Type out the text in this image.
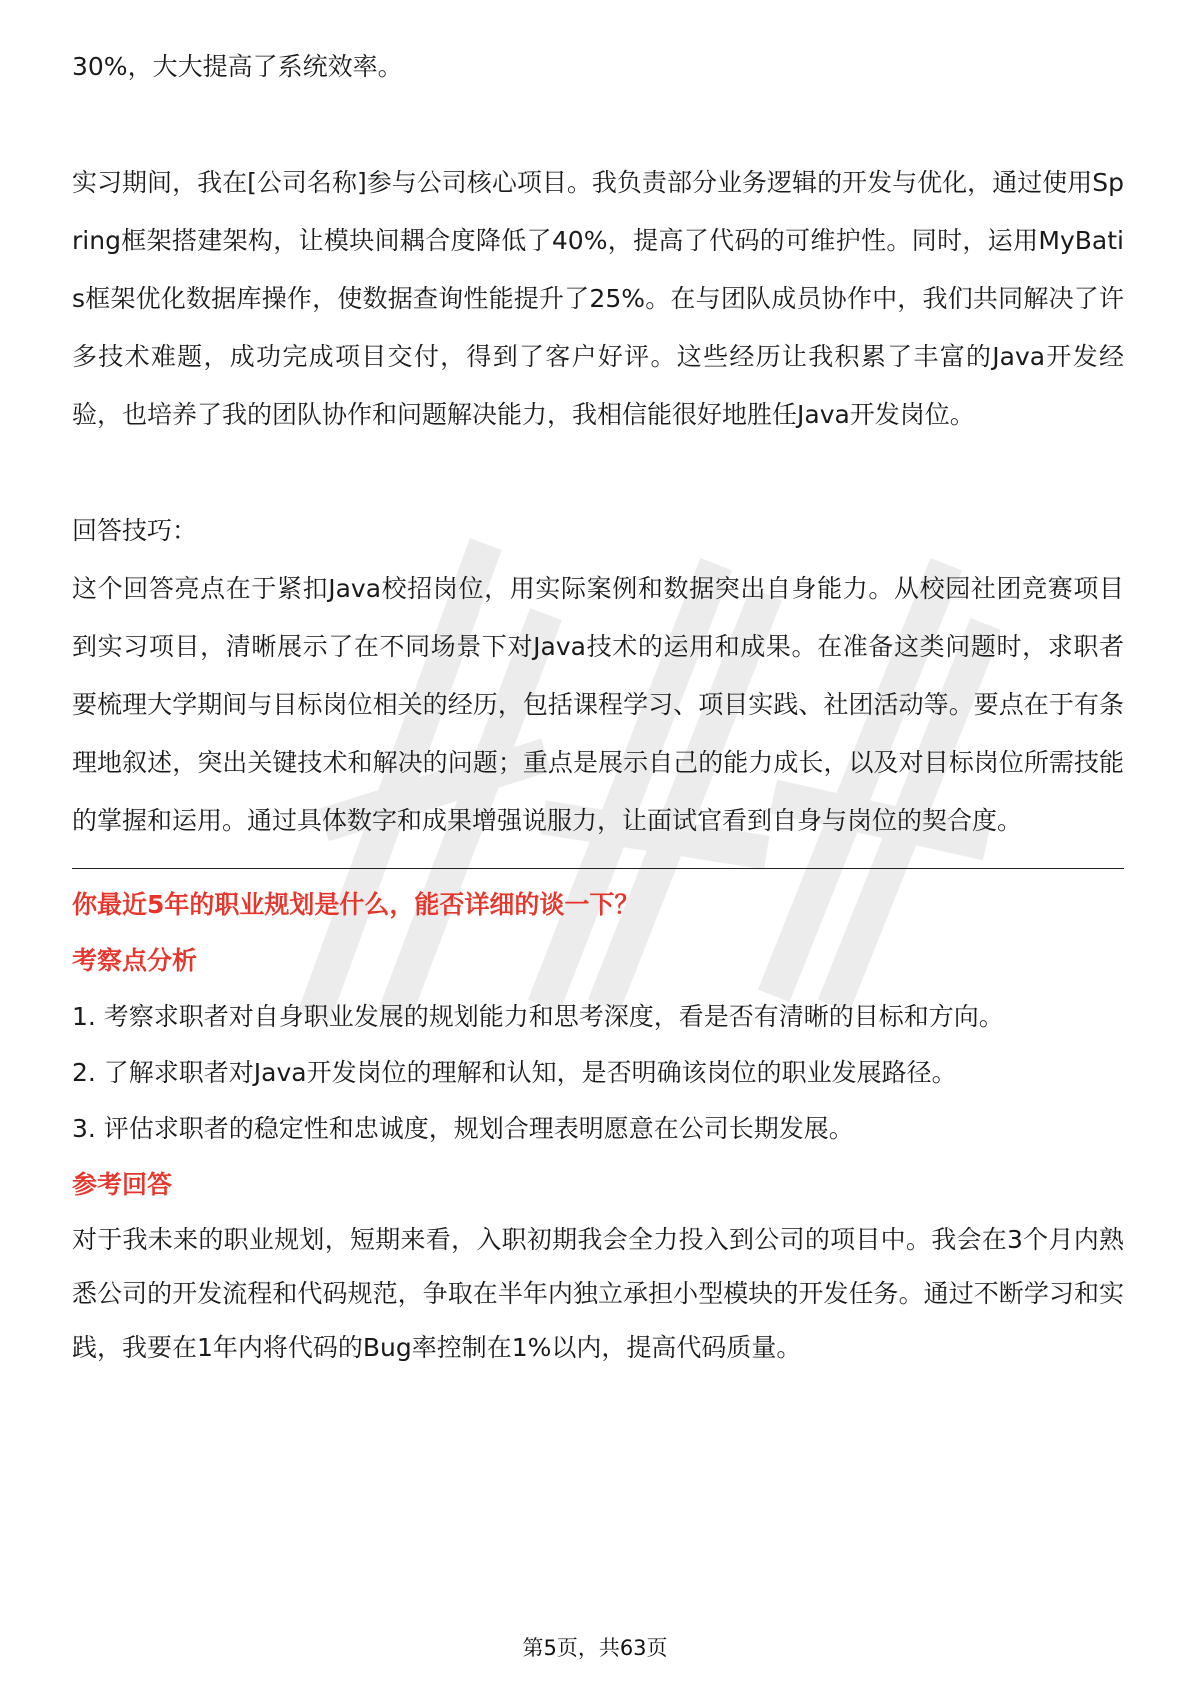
30%，大大提高了系统效率。

实习期间，我在[公司名称]参与公司核心项目。我负责部分业务逻辑的开发与优化，通过使用Spring框架搭建架构，让模块间耦合度降低了40%，提高了代码的可维护性。同时，运用MyBatis框架优化数据库操作，使数据查询性能提升了25%。在与团队成员协作中，我们共同解决了许多技术难题，成功完成项目交付，得到了客户好评。这些经历让我积累了丰富的Java开发经验，也培养了我的团队协作和问题解决能力，我相信能很好地胜任Java开发岗位。

回答技巧：

这个回答亮点在于紧扣Java校招岗位，用实际案例和数据突出自身能力。从校园社团竞赛项目到实习项目，清晰展示了在不同场景下对Java技术的运用和成果。在准备这类问题时，求职者要梳理大学期间与目标岗位相关的经历，包括课程学习、项目实践、社团活动等。要点在于有条理地叙述，突出关键技术和解决的问题；重点是展示自己的能力成长，以及对目标岗位所需技能的掌握和运用。通过具体数字和成果增强说服力，让面试官看到自身与岗位的契合度。

你最近5年的职业规划是什么，能否详细的谈一下？

考察点分析

1. 考察求职者对自身职业发展的规划能力和思考深度，看是否有清晰的目标和方向。

2. 了解求职者对Java开发岗位的理解和认知，是否明确该岗位的职业发展路径。

3. 评估求职者的稳定性和忠诚度，规划合理表明愿意在公司长期发展。

参考回答

对于我未来的职业规划，短期来看，入职初期我会全力投入到公司的项目中。我会在3个月内熟悉公司的开发流程和代码规范，争取在半年内独立承担小型模块的开发任务。通过不断学习和实践，我要在1年内将代码的Bug率控制在1%以内，提高代码质量。

第5页，共63页
